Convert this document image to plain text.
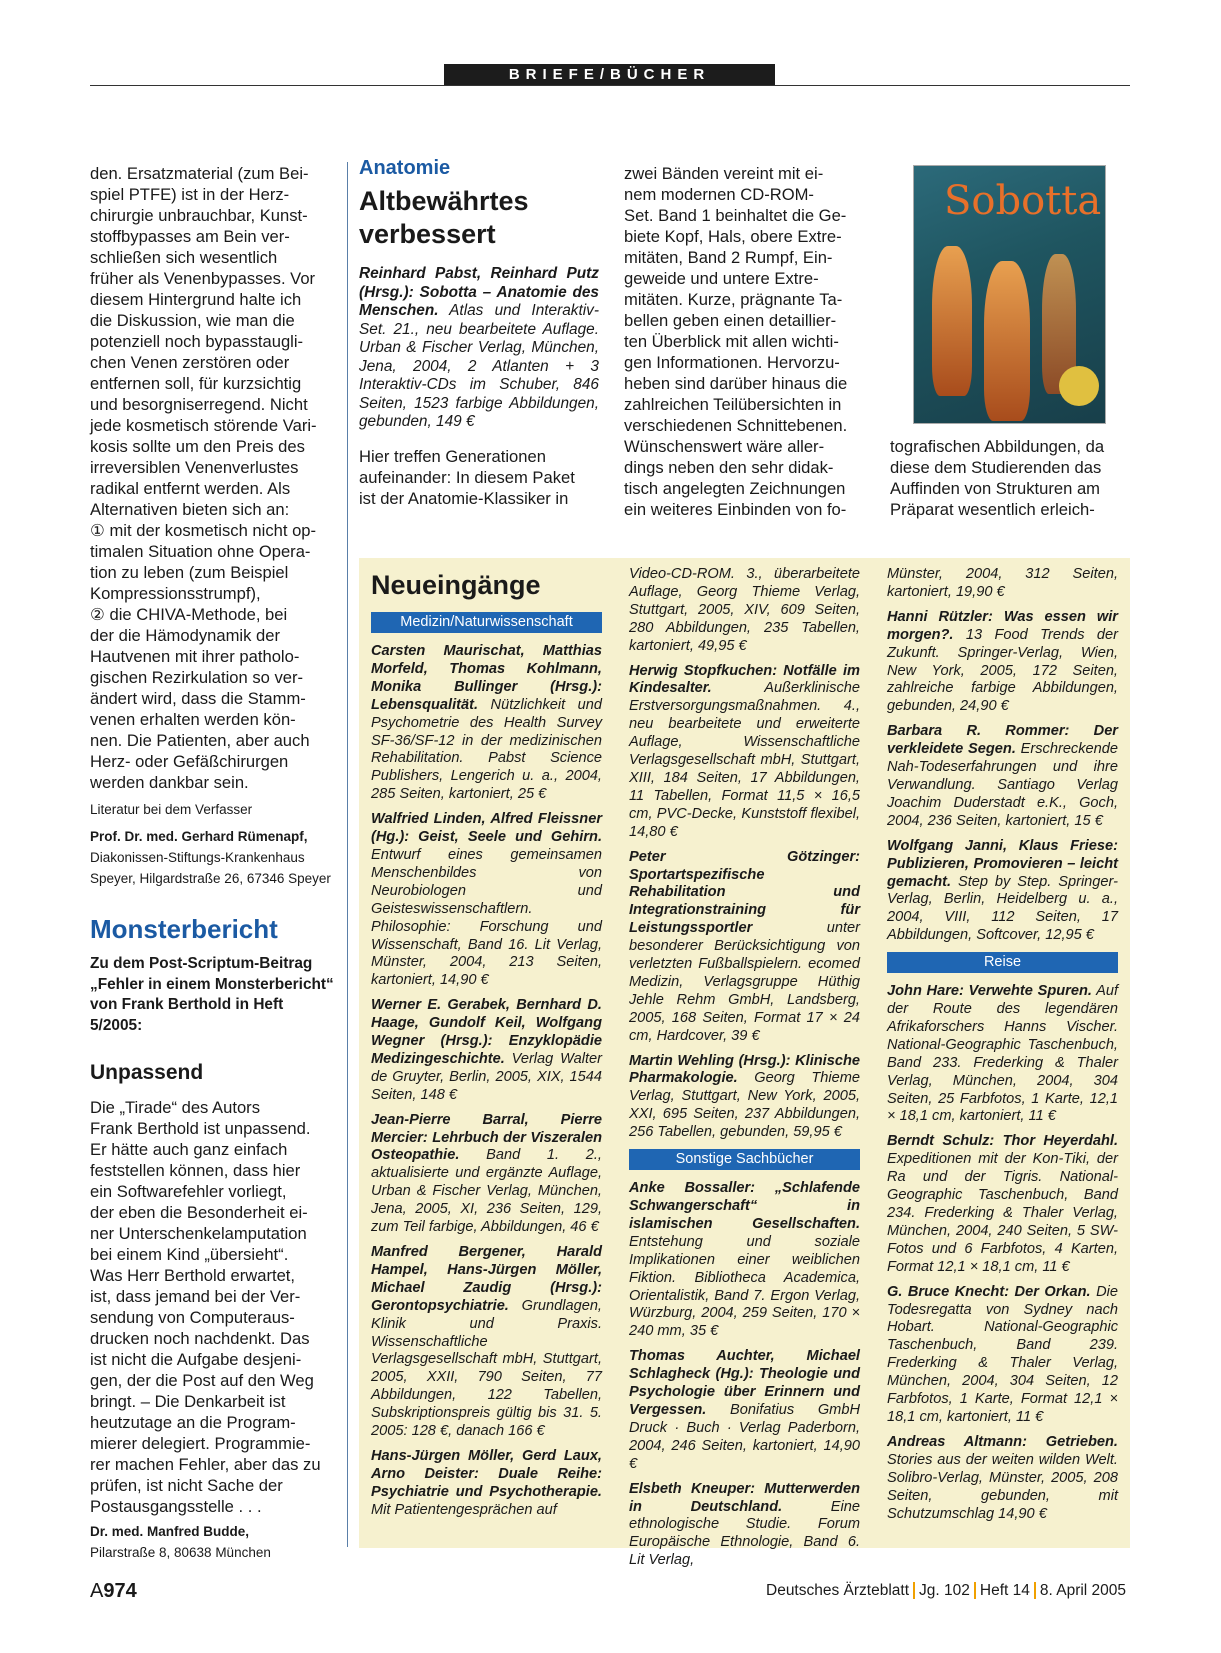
BRIEFE/BÜCHER
den. Ersatzmaterial (zum Bei-
spiel PTFE) ist in der Herz-
chirurgie unbrauchbar, Kunst-
stoffbypasses am Bein ver-
schließen sich wesentlich
früher als Venenbypasses. Vor
diesem Hintergrund halte ich
die Diskussion, wie man die
potenziell noch bypasstaugli-
chen Venen zerstören oder
entfernen soll, für kurzsichtig
und besorgniserregend. Nicht
jede kosmetisch störende Vari-
kosis sollte um den Preis des
irreversiblen Venenverlustes
radikal entfernt werden. Als
Alternativen bieten sich an:
① mit der kosmetisch nicht op-
timalen Situation ohne Opera-
tion zu leben (zum Beispiel
Kompressionsstrumpf),
② die CHIVA-Methode, bei
der die Hämodynamik der
Hautvenen mit ihrer patholo-
gischen Rezirkulation so ver-
ändert wird, dass die Stamm-
venen erhalten werden kön-
nen. Die Patienten, aber auch
Herz- oder Gefäßchirurgen
werden dankbar sein.
Literatur bei dem Verfasser
Prof. Dr. med. Gerhard Rümenapf,
Diakonissen-Stiftungs-Krankenhaus
Speyer, Hilgardstraße 26, 67346 Speyer
Monsterbericht
Zu dem Post-Scriptum-Beitrag „Fehler in einem Monsterbericht“ von Frank Berthold in Heft 5/2005:
Unpassend
Die „Tirade“ des Autors
Frank Berthold ist unpassend.
Er hätte auch ganz einfach
feststellen können, dass hier
ein Softwarefehler vorliegt,
der eben die Besonderheit ei-
ner Unterschenkelamputation
bei einem Kind „übersieht“.
Was Herr Berthold erwartet,
ist, dass jemand bei der Ver-
sendung von Computeraus-
drucken noch nachdenkt. Das
ist nicht die Aufgabe desjeni-
gen, der die Post auf den Weg
bringt. – Die Denkarbeit ist
heutzutage an die Program-
mierer delegiert. Programmie-
rer machen Fehler, aber das zu
prüfen, ist nicht Sache der
Postausgangsstelle . . .
Dr. med. Manfred Budde,
Pilarstraße 8, 80638 München
Anatomie
Altbewährtes
verbessert
Reinhard Pabst, Reinhard Putz (Hrsg.): Sobotta – Anatomie des Menschen. Atlas und Interaktiv-Set. 21., neu bearbeitete Auflage. Urban & Fischer Verlag, München, Jena, 2004, 2 Atlanten + 3 Interaktiv-CDs im Schuber, 846 Seiten, 1523 farbige Abbildungen, gebunden, 149 €
Hier treffen Generationen
aufeinander: In diesem Paket
ist der Anatomie-Klassiker in
zwei Bänden vereint mit ei-
nem modernen CD-ROM-
Set. Band 1 beinhaltet die Ge-
biete Kopf, Hals, obere Extre-
mitäten, Band 2 Rumpf, Ein-
geweide und untere Extre-
mitäten. Kurze, prägnante Ta-
bellen geben einen detaillier-
ten Überblick mit allen wichti-
gen Informationen. Hervorzu-
heben sind darüber hinaus die
zahlreichen Teilübersichten in
verschiedenen Schnittebenen.
Wünschenswert wäre aller-
dings neben den sehr didak-
tisch angelegten Zeichnungen
ein weiteres Einbinden von fo-
Sobotta
tografischen Abbildungen, da
diese dem Studierenden das
Auffinden von Strukturen am
Präparat wesentlich erleich-
Neueingänge
Medizin/Naturwissenschaft
Carsten Maurischat, Matthias Morfeld, Thomas Kohlmann, Monika Bullinger (Hrsg.): Lebensqualität. Nützlichkeit und Psychometrie des Health Survey SF-36/SF-12 in der medizinischen Rehabilitation. Pabst Science Publishers, Lengerich u. a., 2004, 285 Seiten, kartoniert, 25 €
Walfried Linden, Alfred Fleissner (Hg.): Geist, Seele und Gehirn. Entwurf eines gemeinsamen Menschenbildes von Neurobiologen und Geisteswissenschaftlern. Philosophie: Forschung und Wissenschaft, Band 16. Lit Verlag, Münster, 2004, 213 Seiten, kartoniert, 14,90 €
Werner E. Gerabek, Bernhard D. Haage, Gundolf Keil, Wolfgang Wegner (Hrsg.): Enzyklopädie Medizingeschichte. Verlag Walter de Gruyter, Berlin, 2005, XIX, 1544 Seiten, 148 €
Jean-Pierre Barral, Pierre Mercier: Lehrbuch der Viszeralen Osteopathie. Band 1. 2., aktualisierte und ergänzte Auflage, Urban & Fischer Verlag, München, Jena, 2005, XI, 236 Seiten, 129, zum Teil farbige, Abbildungen, 46 €
Manfred Bergener, Harald Hampel, Hans-Jürgen Möller, Michael Zaudig (Hrsg.): Gerontopsychiatrie. Grundlagen, Klinik und Praxis. Wissenschaftliche Verlagsgesellschaft mbH, Stuttgart, 2005, XXII, 790 Seiten, 77 Abbildungen, 122 Tabellen, Subskriptionspreis gültig bis 31. 5. 2005: 128 €, danach 166 €
Hans-Jürgen Möller, Gerd Laux, Arno Deister: Duale Reihe: Psychiatrie und Psychotherapie. Mit Patientengesprächen auf
Video-CD-ROM. 3., überarbeitete Auflage, Georg Thieme Verlag, Stuttgart, 2005, XIV, 609 Seiten, 280 Abbildungen, 235 Tabellen, kartoniert, 49,95 €
Herwig Stopfkuchen: Notfälle im Kindesalter. Außerklinische Erstversorgungsmaßnahmen. 4., neu bearbeitete und erweiterte Auflage, Wissenschaftliche Verlagsgesellschaft mbH, Stuttgart, XIII, 184 Seiten, 17 Abbildungen, 11 Tabellen, Format 11,5 × 16,5 cm, PVC-Decke, Kunststoff flexibel, 14,80 €
Peter Götzinger: Sportartspezifische Rehabilitation und Integrationstraining für Leistungssportler unter besonderer Berücksichtigung von verletzten Fußballspielern. ecomed Medizin, Verlagsgruppe Hüthig Jehle Rehm GmbH, Landsberg, 2005, 168 Seiten, Format 17 × 24 cm, Hardcover, 39 €
Martin Wehling (Hrsg.): Klinische Pharmakologie. Georg Thieme Verlag, Stuttgart, New York, 2005, XXI, 695 Seiten, 237 Abbildungen, 256 Tabellen, gebunden, 59,95 €
Sonstige Sachbücher
Anke Bossaller: „Schlafende Schwangerschaft“ in islamischen Gesellschaften. Entstehung und soziale Implikationen einer weiblichen Fiktion. Bibliotheca Academica, Orientalistik, Band 7. Ergon Verlag, Würzburg, 2004, 259 Seiten, 170 × 240 mm, 35 €
Thomas Auchter, Michael Schlagheck (Hg.): Theologie und Psychologie über Erinnern und Vergessen. Bonifatius GmbH Druck · Buch · Verlag Paderborn, 2004, 246 Seiten, kartoniert, 14,90 €
Elsbeth Kneuper: Mutterwerden in Deutschland. Eine ethnologische Studie. Forum Europäische Ethnologie, Band 6. Lit Verlag,
Münster, 2004, 312 Seiten, kartoniert, 19,90 €
Hanni Rützler: Was essen wir morgen?. 13 Food Trends der Zukunft. Springer-Verlag, Wien, New York, 2005, 172 Seiten, zahlreiche farbige Abbildungen, gebunden, 24,90 €
Barbara R. Rommer: Der verkleidete Segen. Erschreckende Nah-Todeserfahrungen und ihre Verwandlung. Santiago Verlag Joachim Duderstadt e.K., Goch, 2004, 236 Seiten, kartoniert, 15 €
Wolfgang Janni, Klaus Friese: Publizieren, Promovieren – leicht gemacht. Step by Step. Springer-Verlag, Berlin, Heidelberg u. a., 2004, VIII, 112 Seiten, 17 Abbildungen, Softcover, 12,95 €
Reise
John Hare: Verwehte Spuren. Auf der Route des legendären Afrikaforschers Hanns Vischer. National-Geographic Taschenbuch, Band 233. Frederking & Thaler Verlag, München, 2004, 304 Seiten, 25 Farbfotos, 1 Karte, 12,1 × 18,1 cm, kartoniert, 11 €
Berndt Schulz: Thor Heyerdahl. Expeditionen mit der Kon-Tiki, der Ra und der Tigris. National-Geographic Taschenbuch, Band 234. Frederking & Thaler Verlag, München, 2004, 240 Seiten, 5 SW-Fotos und 6 Farbfotos, 4 Karten, Format 12,1 × 18,1 cm, 11 €
G. Bruce Knecht: Der Orkan. Die Todesregatta von Sydney nach Hobart. National-Geographic Taschenbuch, Band 239. Frederking & Thaler Verlag, München, 2004, 304 Seiten, 12 Farbfotos, 1 Karte, Format 12,1 × 18,1 cm, kartoniert, 11 €
Andreas Altmann: Getrieben. Stories aus der weiten wilden Welt. Solibro-Verlag, Münster, 2005, 208 Seiten, gebunden, mit Schutzumschlag 14,90 €
A974	Deutsches Ärzteblatt Jg. 102 Heft 14 8. April 2005
